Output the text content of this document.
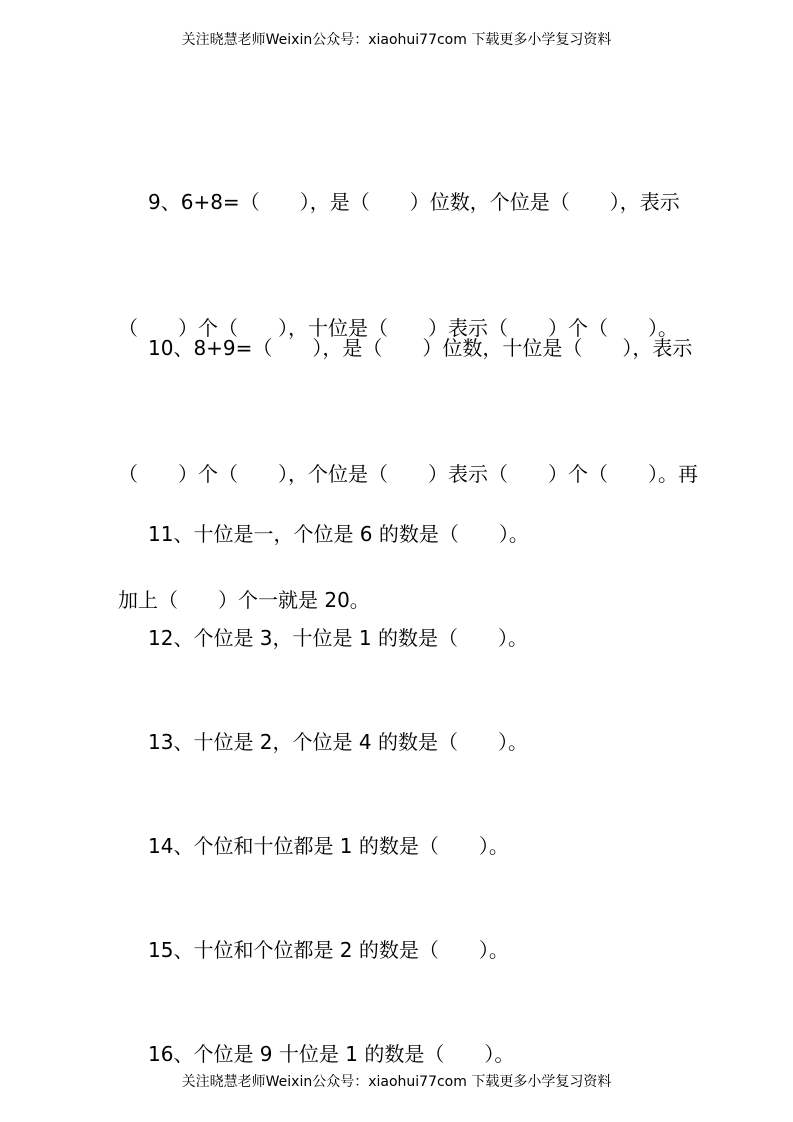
关注晓慧老师Weixin公众号：xiaohui77com 下载更多小学复习资料

9、6+8=（　　），是（　　）位数，个位是（　　），表示

（　　）个（　　），十位是（　　）表示（　　）个（　　）。

10、8+9=（　　），是（　　）位数，十位是（　　），表示

（　　）个（　　），个位是（　　）表示（　　）个（　　）。再

加上（　　）个一就是 20。

11、十位是一，个位是 6 的数是（　　）。

12、个位是 3，十位是 1 的数是（　　）。

13、十位是 2，个位是 4 的数是（　　）。

14、个位和十位都是 1 的数是（　　）。

15、十位和个位都是 2 的数是（　　）。

16、个位是 9 十位是 1 的数是（　　）。

关注晓慧老师Weixin公众号：xiaohui77com 下载更多小学复习资料
